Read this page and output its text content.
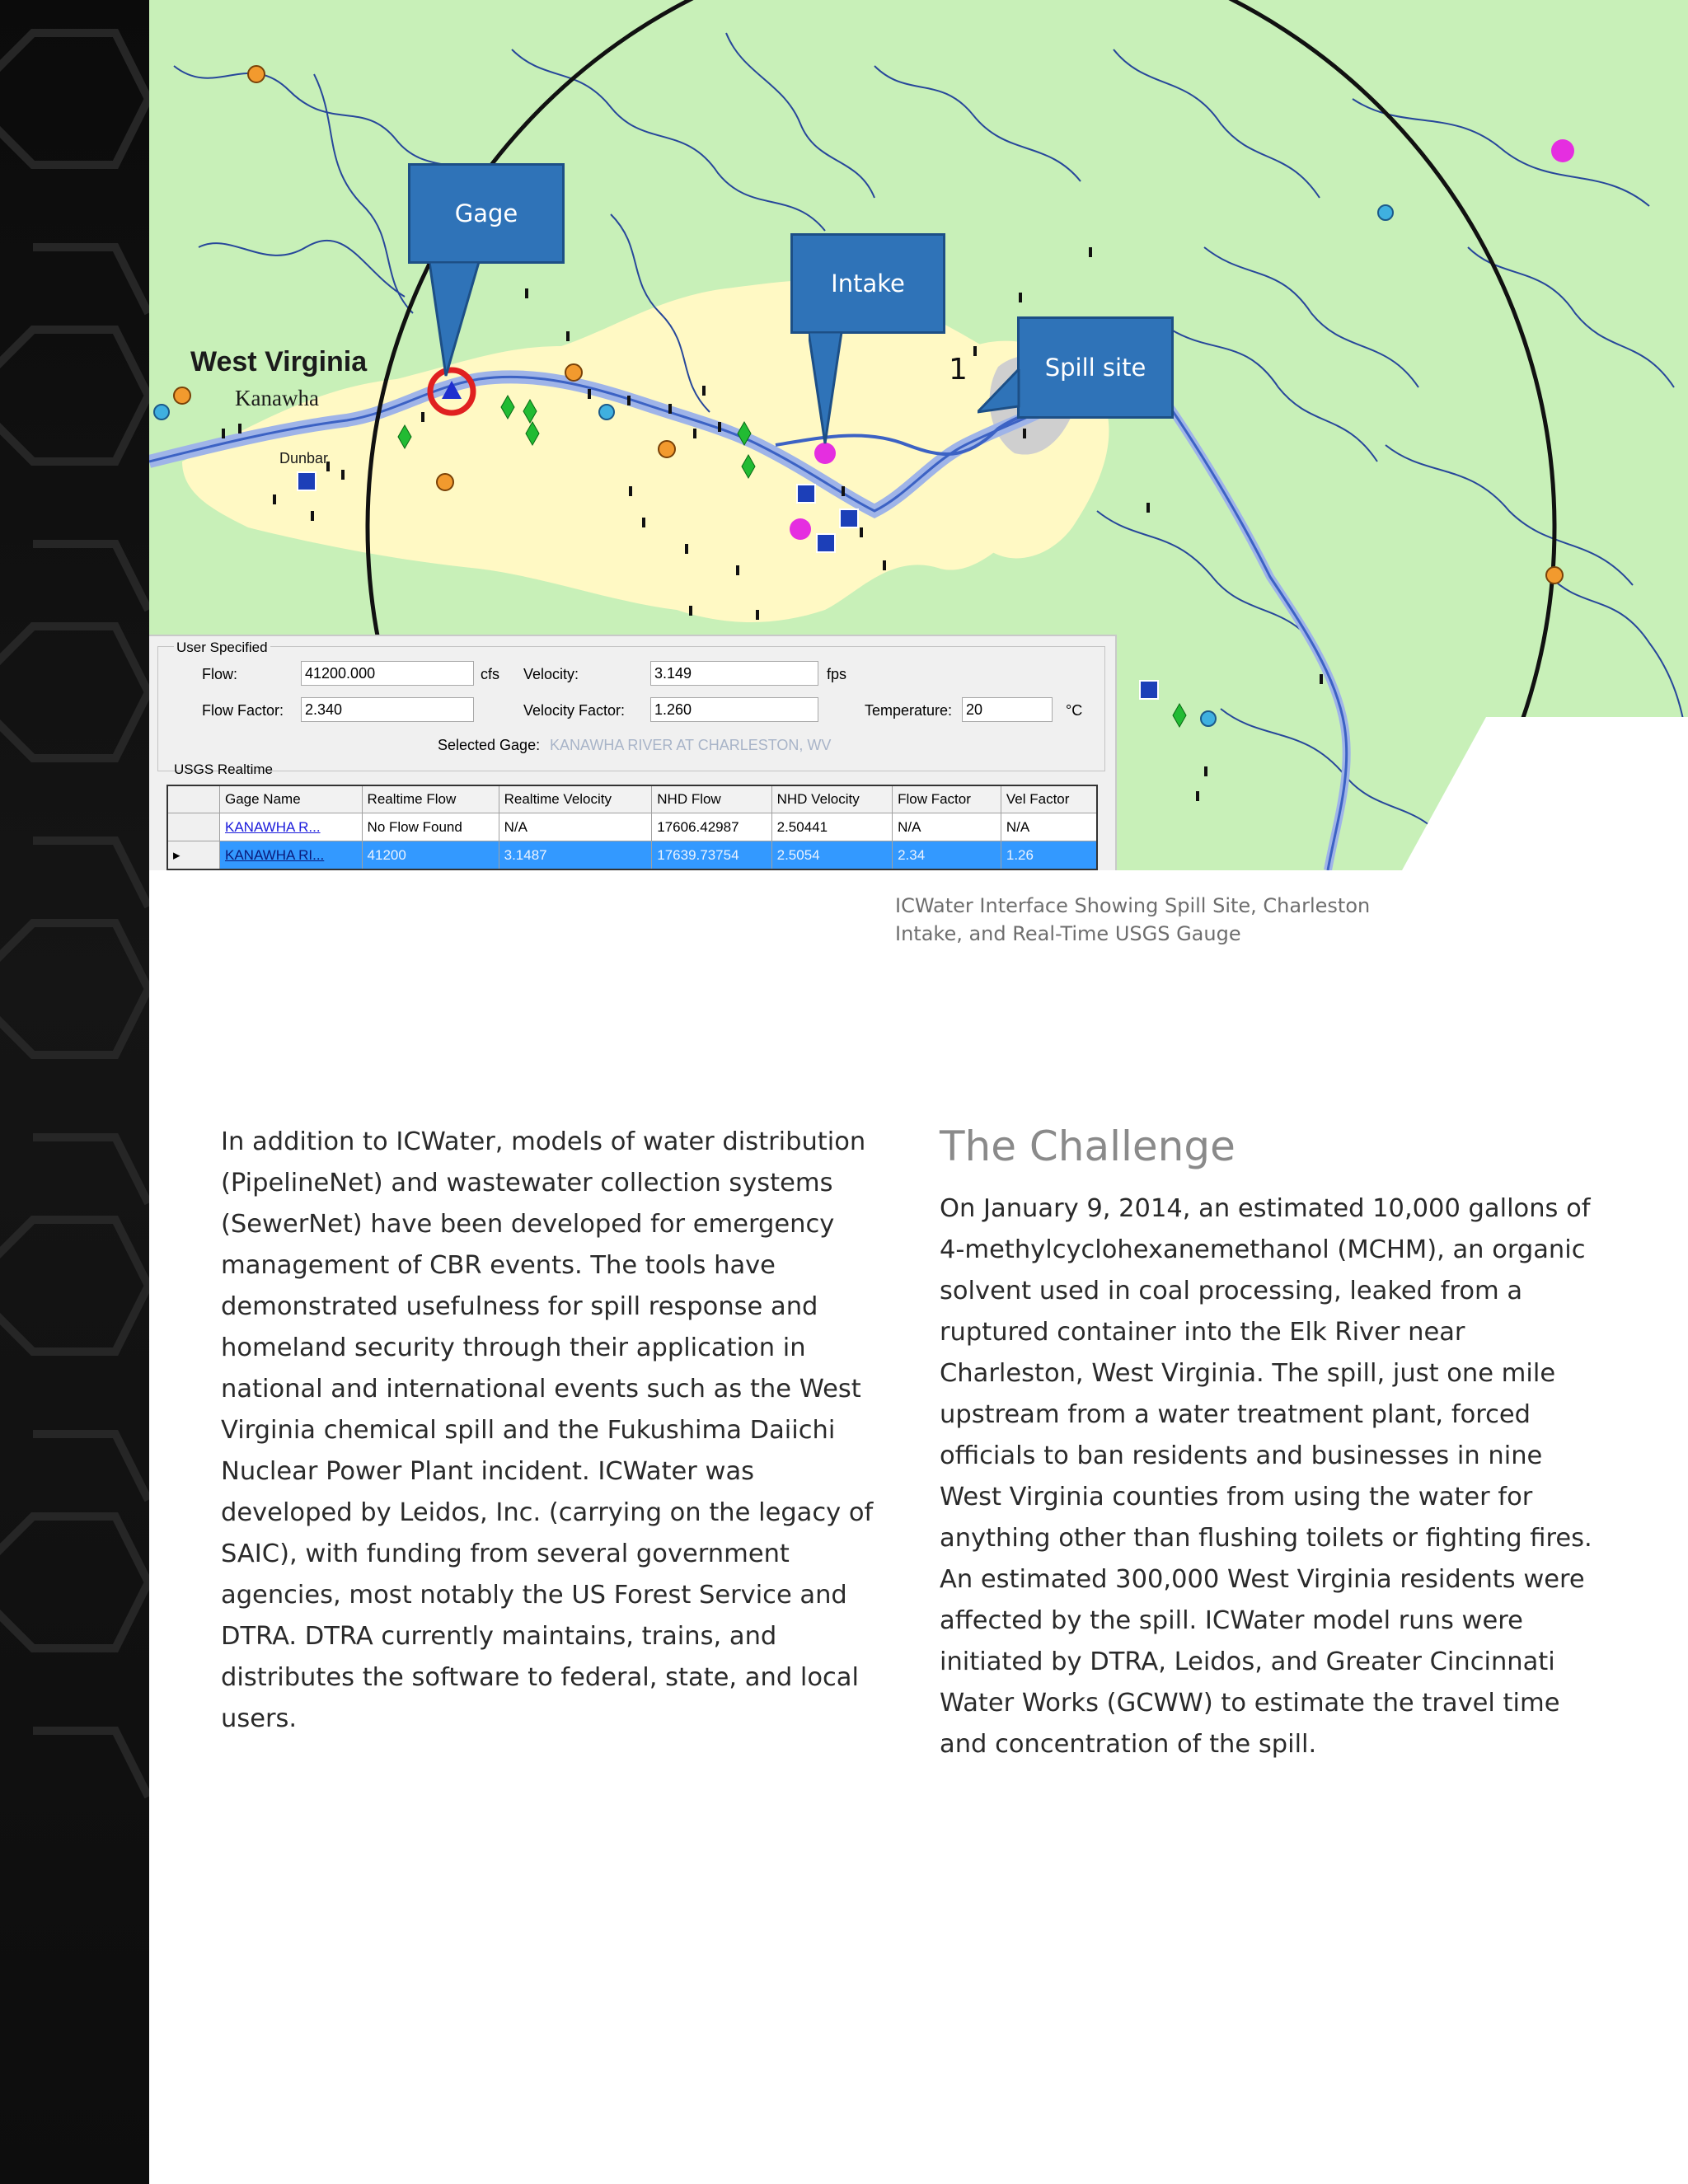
1
Gage
Intake
Spill site
West Virginia
Kanawha
Dunbar
User Specified
Flow:	41200.000	cfs Velocity:	3.149	fps
Flow Factor: 2.340	Velocity Factor: 1.260	Temperature: 20	°C
Selected Gage: KANAWHA RIVER AT CHARLESTON, WV
USGS Realtime
	Gage Name	Realtime Flow	Realtime Velocity	NHD Flow	NHD Velocity	Flow Factor	Vel Factor
	KANAWHA R...	No Flow Found	N/A	17606.42987	2.50441	N/A	N/A
▸	KANAWHA RI...	41200	3.1487	17639.73754	2.5054	2.34	1.26
ICWater Interface Showing Spill Site, Charleston Intake, and Real-Time USGS Gauge
In addition to ICWater, models of water distribution (PipelineNet) and wastewater collection systems (SewerNet) have been developed for emergency management of CBR events. The tools have demonstrated usefulness for spill response and homeland security through their application in national and international events such as the West Virginia chemical spill and the Fukushima Daiichi Nuclear Power Plant incident. ICWater was developed by Leidos, Inc. (carrying on the legacy of SAIC), with funding from several government agencies, most notably the US Forest Service and DTRA. DTRA currently maintains, trains, and distributes the software to federal, state, and local users.
The Challenge
On January 9, 2014, an estimated 10,000 gallons of 4-methylcyclohexanemethanol (MCHM), an organic solvent used in coal processing, leaked from a ruptured container into the Elk River near Charleston, West Virginia. The spill, just one mile upstream from a water treatment plant, forced officials to ban residents and businesses in nine West Virginia counties from using the water for anything other than flushing toilets or fighting fires. An estimated 300,000 West Virginia residents were affected by the spill. ICWater model runs were initiated by DTRA, Leidos, and Greater Cincinnati Water Works (GCWW) to estimate the travel time and concentration of the spill.
